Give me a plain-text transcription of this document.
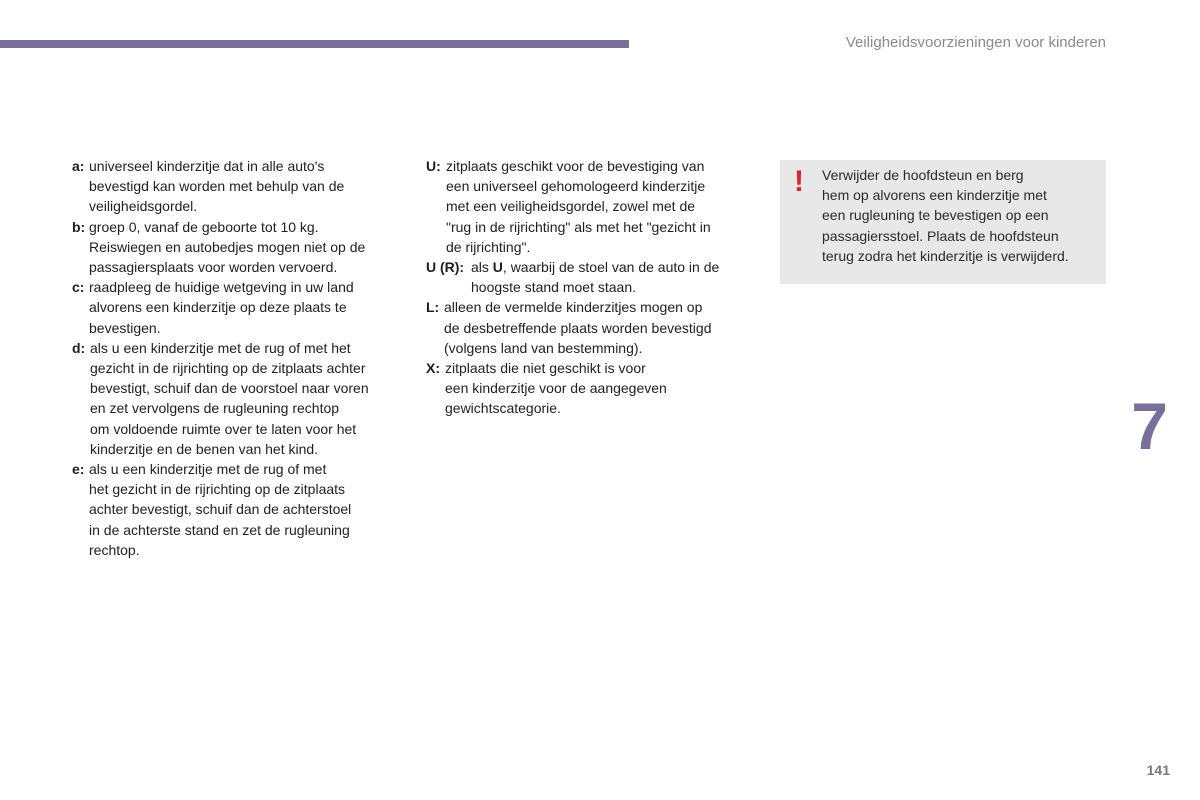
Veiligheidsvoorzieningen voor kinderen
a: universeel kinderzitje dat in alle auto's
bevestigd kan worden met behulp van de
veiligheidsgordel.
b: groep 0, vanaf de geboorte tot 10 kg.
Reiswiegen en autobedjes mogen niet op de
passagiersplaats voor worden vervoerd.
c: raadpleeg de huidige wetgeving in uw land
alvorens een kinderzitje op deze plaats te
bevestigen.
d: als u een kinderzitje met de rug of met het
gezicht in de rijrichting op de zitplaats achter
bevestigt, schuif dan de voorstoel naar voren
en zet vervolgens de rugleuning rechtop
om voldoende ruimte over te laten voor het
kinderzitje en de benen van het kind.
e: als u een kinderzitje met de rug of met
het gezicht in de rijrichting op de zitplaats
achter bevestigt, schuif dan de achterstoel
in de achterste stand en zet de rugleuning
rechtop.
U: zitplaats geschikt voor de bevestiging van
een universeel gehomologeerd kinderzitje
met een veiligheidsgordel, zowel met de
"rug in de rijrichting" als met het "gezicht in
de rijrichting".
U (R): als U, waarbij de stoel van de auto in de
hoogste stand moet staan.
L: alleen de vermelde kinderzitjes mogen op
de desbetreffende plaats worden bevestigd
(volgens land van bestemming).
X: zitplaats die niet geschikt is voor
een kinderzitje voor de aangegeven
gewichtscategorie.
! Verwijder de hoofdsteun en berg
hem op alvorens een kinderzitje met
een rugleuning te bevestigen op een
passagiersstoel. Plaats de hoofdsteun
terug zodra het kinderzitje is verwijderd.
7
141
